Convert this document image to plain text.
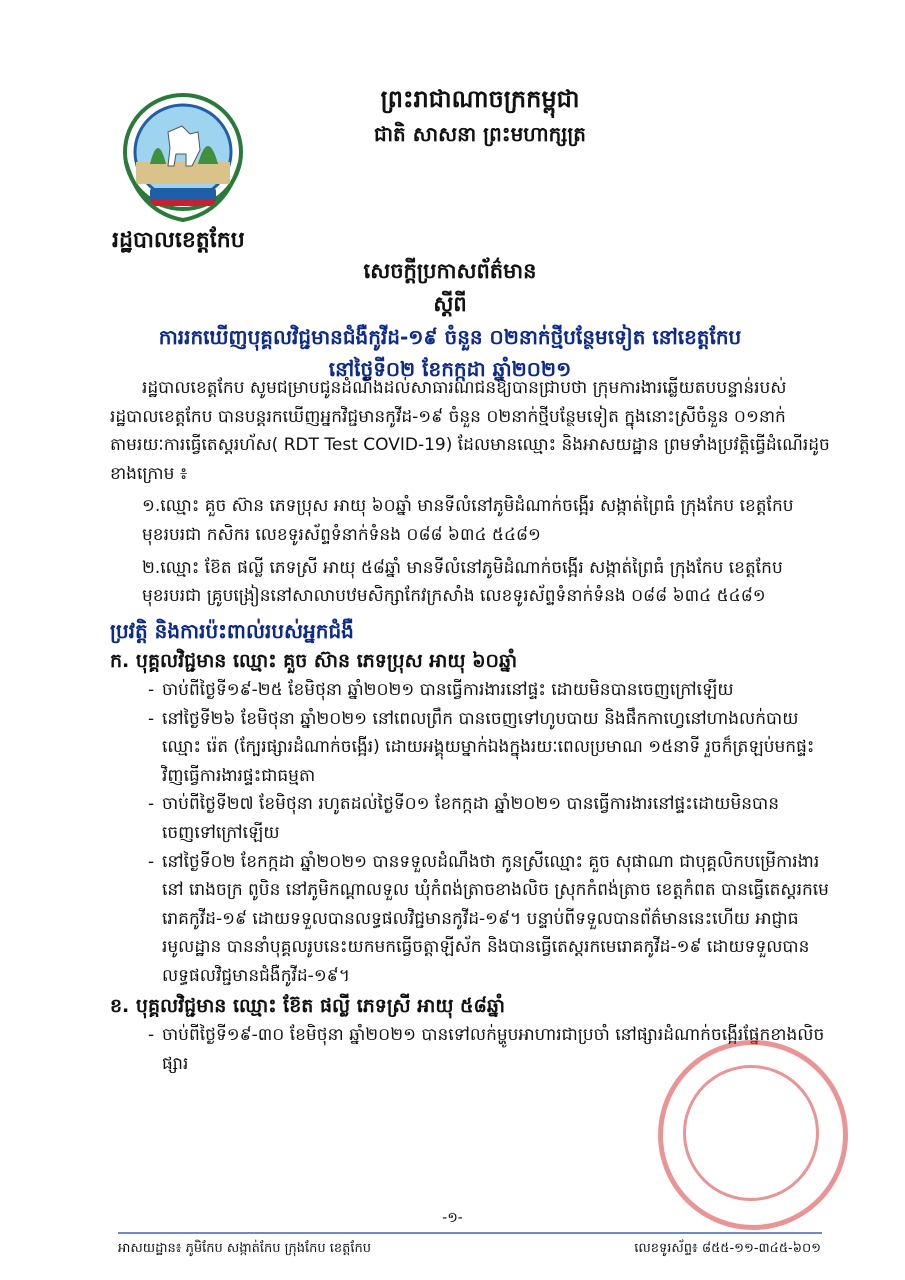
រដ្ឋបាលខេត្តកែប
ព្រះរាជាណាចក្រកម្ពុជា
ជាតិ សាសនា ព្រះមហាក្សត្រ
សេចក្តីប្រកាសព័ត៌មាន
ស្តីពី
ការរកឃើញបុគ្គលវិជ្ជមានជំងឺកូវីដ-១៩ ចំនួន ០២នាក់ថ្មីបន្ថែមទៀត នៅខេត្តកែប
នៅថ្ងៃទី០២ ខែកក្កដា ឆ្នាំ២០២១

រដ្ឋបាលខេត្តកែប សូមជម្រាបជូនដំណឹងដល់សាធារណជនឱ្យបានជ្រាបថា ក្រុមការងារឆ្លើយតបបន្ទាន់របស់រដ្ឋបាលខេត្តកែប បានបន្តរកឃើញអ្នកវិជ្ជមានកូវីដ-១៩ ចំនួន ០២នាក់ថ្មីបន្ថែមទៀត ក្នុងនោះស្រីចំនួន ០១នាក់ តាមរយៈការធ្វើតេស្តរហ័ស( RDT Test COVID-19) ដែលមានឈ្មោះ និងអាសយដ្ឋាន ព្រមទាំងប្រវត្តិធ្វើដំណើរដូចខាងក្រោម ៖

១.ឈ្មោះ គួច ស៊ាន ភេទប្រុស អាយុ ៦០ឆ្នាំ មានទីលំនៅភូមិដំណាក់ចង្អើរ សង្កាត់ព្រៃធំ ក្រុងកែប ខេត្តកែប មុខរបរជា កសិករ លេខទូរស័ព្ទទំនាក់ទំនង ០៨៨ ៦៣៤ ៥៤៨១

២.ឈ្មោះ ខ៊ែត ផល្លី ភេទស្រី អាយុ ៥៨ឆ្នាំ មានទីលំនៅភូមិដំណាក់ចង្អើរ សង្កាត់ព្រៃធំ ក្រុងកែប ខេត្តកែប មុខរបរជា គ្រូបង្រៀននៅសាលាបឋមសិក្សាកែវក្រសាំង លេខទូរស័ព្ទទំនាក់ទំនង ០៨៨ ៦៣៤ ៥៤៨១

ប្រវត្តិ និងការប៉ះពាល់របស់អ្នកជំងឺ

ក. បុគ្គលវិជ្ជមាន ឈ្មោះ គួច ស៊ាន ភេទប្រុស អាយុ ៦០ឆ្នាំ

- ចាប់ពីថ្ងៃទី១៩-២៥ ខែមិថុនា ឆ្នាំ២០២១ បានធ្វើការងារនៅផ្ទះ ដោយមិនបានចេញក្រៅឡើយ
- នៅថ្ងៃទី២៦ ខែមិថុនា ឆ្នាំ២០២១ នៅពេលព្រឹក បានចេញទៅហូបបាយ និងផឹកកាហ្វេនៅហាងលក់បាយ ឈ្មោះ រ៉េត (ក្បែរផ្សារដំណាក់ចង្អើរ) ដោយអង្គុយម្នាក់ឯងក្នុងរយៈពេលប្រមាណ ១៥នាទី រួចក៏ត្រឡប់មកផ្ទះវិញធ្វើការងារផ្ទះជាធម្មតា
- ចាប់ពីថ្ងៃទី២៧ ខែមិថុនា រហូតដល់ថ្ងៃទី០១ ខែកក្កដា ឆ្នាំ២០២១ បានធ្វើការងារនៅផ្ទះដោយមិនបានចេញទៅក្រៅឡើយ
- នៅថ្ងៃទី០២ ខែកក្កដា ឆ្នាំ២០២១ បានទទួលដំណឹងថា កូនស្រីឈ្មោះ គួច សុផាណា ជាបុគ្គលិកបម្រើការងារនៅ រោងចក្រ ពូបិន នៅភូមិកណ្តាលទួល ឃុំកំពង់ត្រាចខាងលិច ស្រុកកំពង់ត្រាច ខេត្តកំពត បានធ្វើតេស្តរកមេរោគកូវីដ-១៩ ដោយទទួលបានលទ្ធផលវិជ្ជមានកូវីដ-១៩។ បន្ទាប់ពីទទួលបានព័ត៌មាននេះហើយ អាជ្ញាធរមូលដ្ឋាន បាននាំបុគ្គលរូបនេះយកមកធ្វើចត្តាឡីស័ក និងបានធ្វើតេស្តរកមេរោគកូវីដ-១៩ ដោយទទួលបានលទ្ធផលវិជ្ជមានជំងឺកូវីដ-១៩។

ខ. បុគ្គលវិជ្ជមាន ឈ្មោះ ខ៊ែត ផល្លី ភេទស្រី អាយុ ៥៨ឆ្នាំ

- ចាប់ពីថ្ងៃទី១៩-៣០ ខែមិថុនា ឆ្នាំ២០២១ បានទៅលក់ម្ហូបអាហារជាប្រចាំ នៅផ្សារដំណាក់ចង្អើរផ្នែកខាងលិចផ្សារ
-១-
អាសយដ្ឋាន៖ ភូមិកែប សង្កាត់កែប ក្រុងកែប ខេត្តកែប	លេខទូរស័ព្ទ៖ ៨៥៥-១១-៣៤៥-៦០១
